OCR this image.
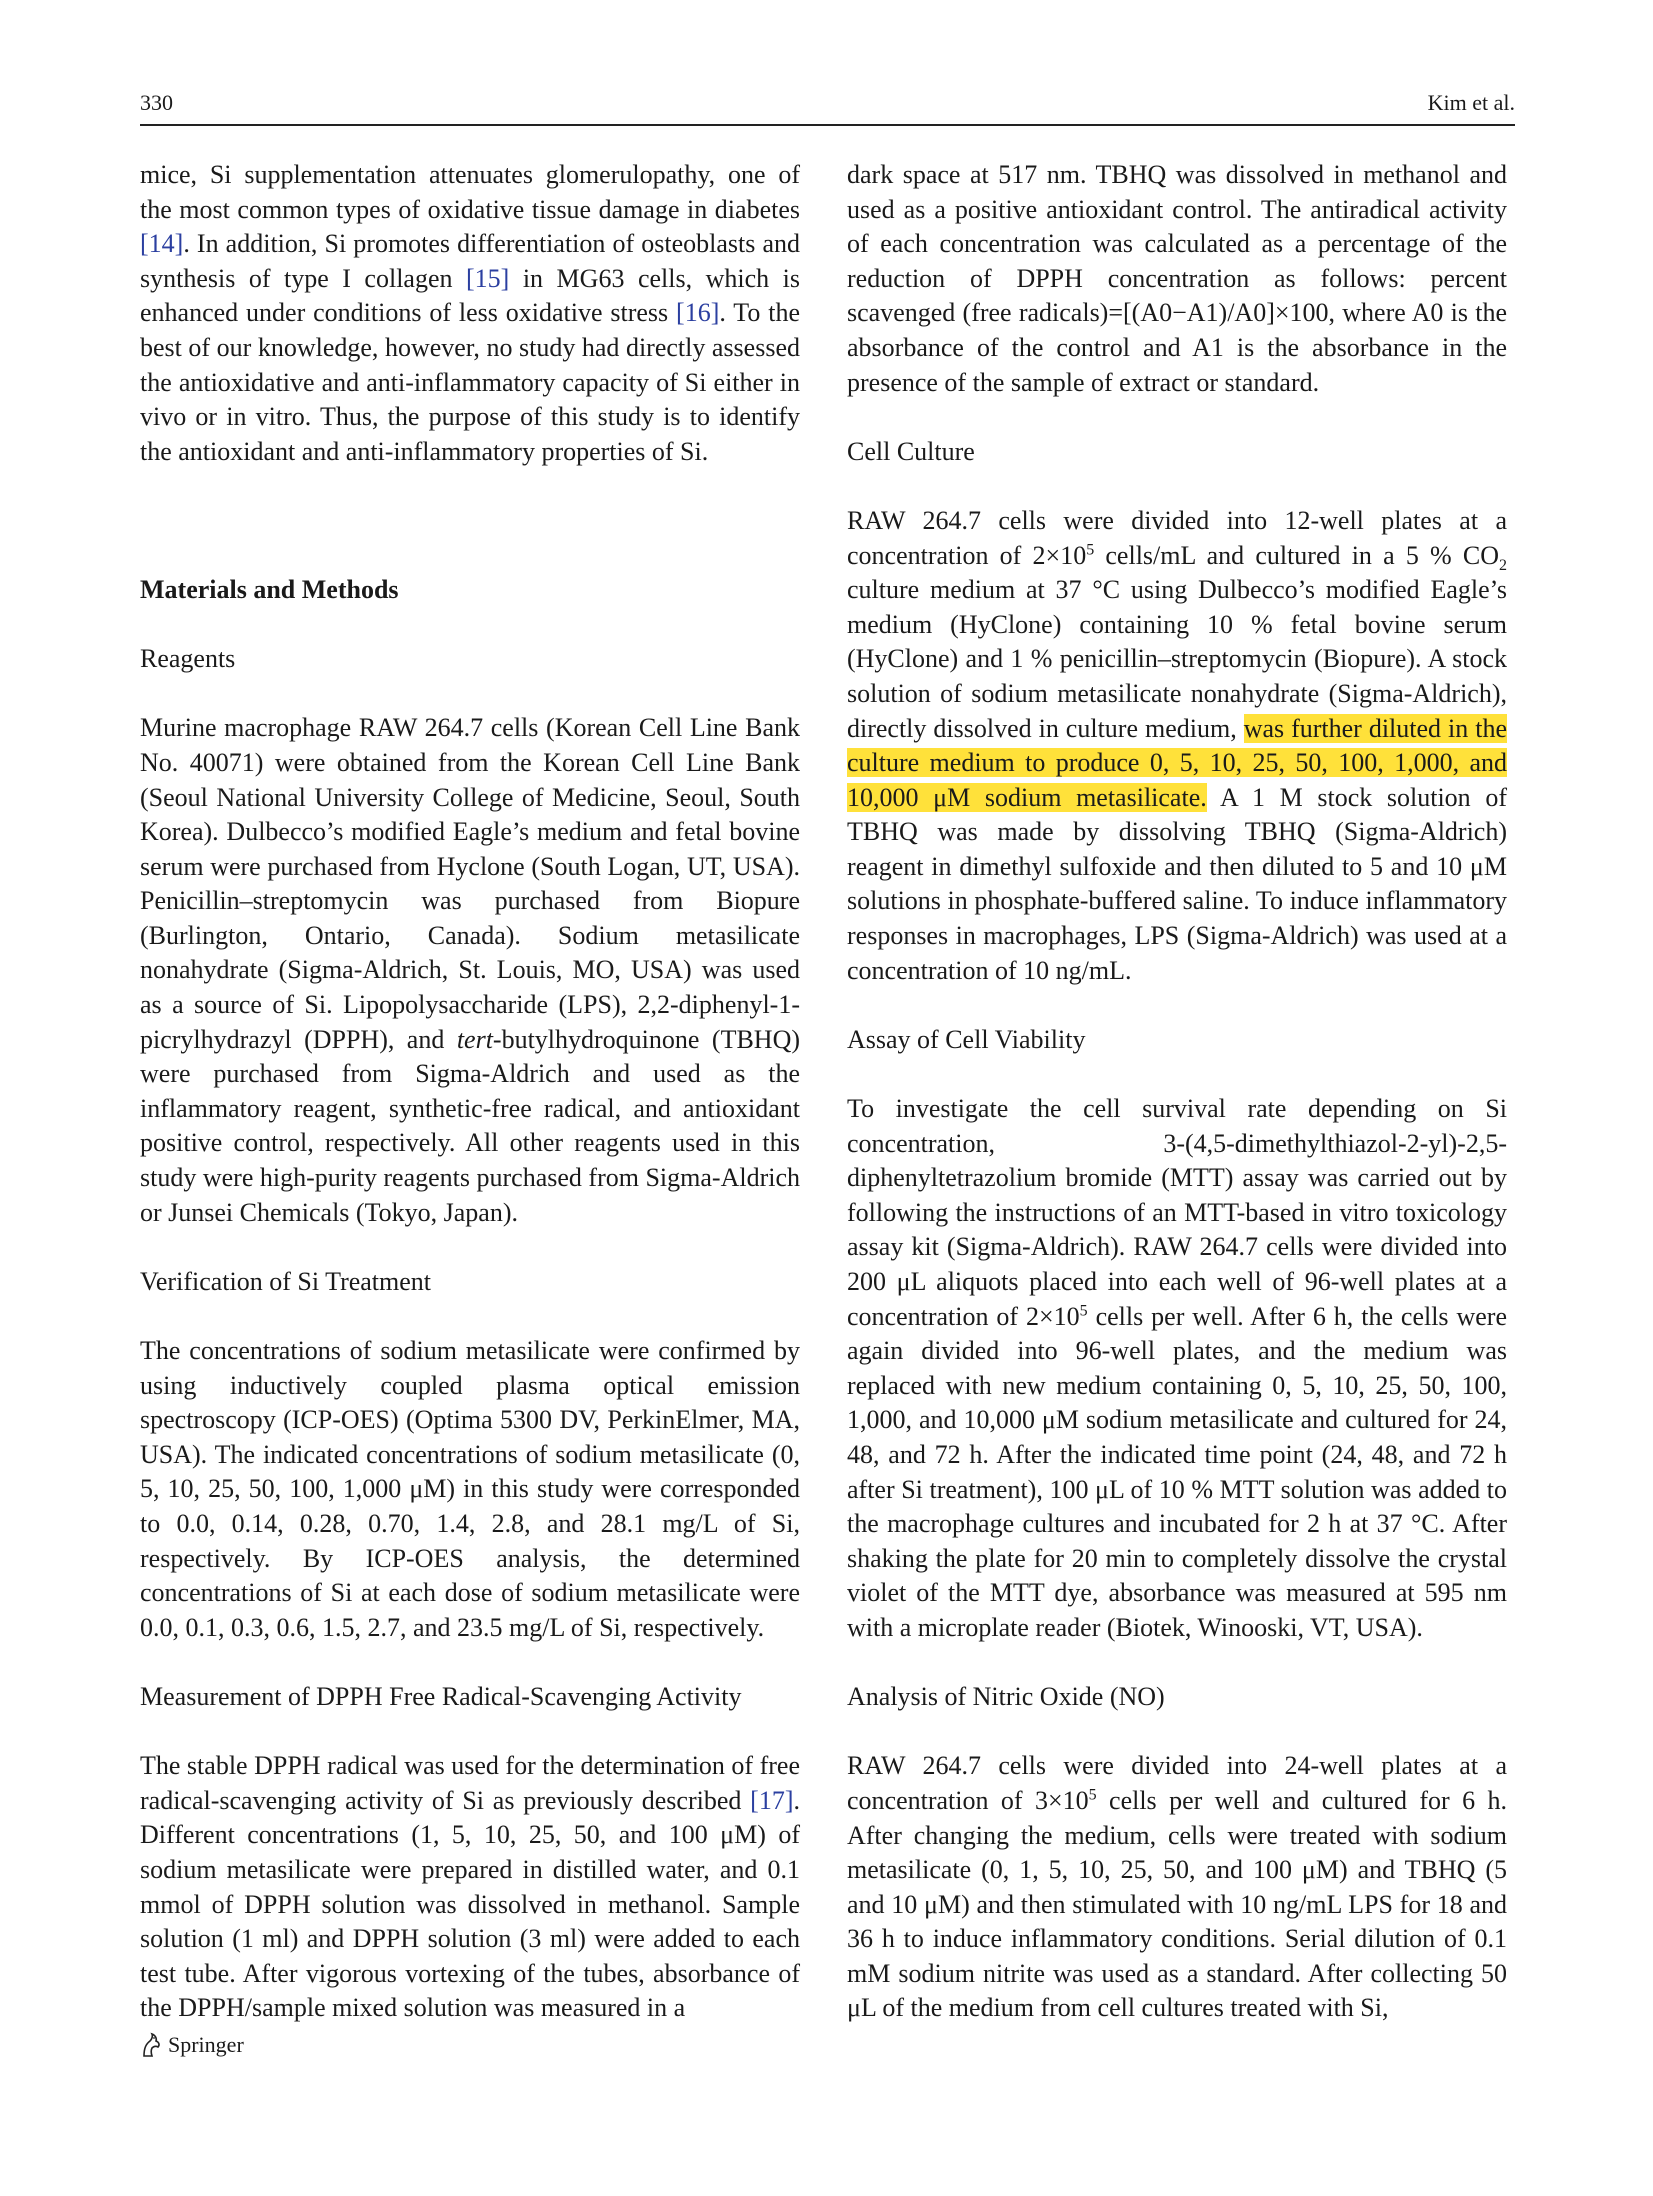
330	Kim et al.

mice, Si supplementation attenuates glomerulopathy, one of the most common types of oxidative tissue damage in diabetes [14]. In addition, Si promotes differentiation of osteoblasts and synthesis of type I collagen [15] in MG63 cells, which is enhanced under conditions of less oxidative stress [16]. To the best of our knowledge, however, no study had directly assessed the antioxidative and anti-inflammatory capacity of Si either in vivo or in vitro. Thus, the purpose of this study is to identify the antioxidant and anti-inflammatory properties of Si.

Materials and Methods
Reagents

Murine macrophage RAW 264.7 cells (Korean Cell Line Bank No. 40071) were obtained from the Korean Cell Line Bank (Seoul National University College of Medicine, Seoul, South Korea). Dulbecco’s modified Eagle’s medium and fetal bovine serum were purchased from Hyclone (South Logan, UT, USA). Penicillin–streptomycin was purchased from Biopure (Burlington, Ontario, Canada). Sodium metasilicate nonahydrate (Sigma-Aldrich, St. Louis, MO, USA) was used as a source of Si. Lipopolysaccharide (LPS), 2,2-diphenyl-1-picrylhydrazyl (DPPH), and tert-butylhydroquinone (TBHQ) were purchased from Sigma-Aldrich and used as the inflammatory reagent, synthetic-free radical, and antioxidant positive control, respectively. All other reagents used in this study were high-purity reagents purchased from Sigma-Aldrich or Junsei Chemicals (Tokyo, Japan).

Verification of Si Treatment

The concentrations of sodium metasilicate were confirmed by using inductively coupled plasma optical emission spectroscopy (ICP-OES) (Optima 5300 DV, PerkinElmer, MA, USA). The indicated concentrations of sodium metasilicate (0, 5, 10, 25, 50, 100, 1,000 μM) in this study were corresponded to 0.0, 0.14, 0.28, 0.70, 1.4, 2.8, and 28.1 mg/L of Si, respectively. By ICP-OES analysis, the determined concentrations of Si at each dose of sodium metasilicate were 0.0, 0.1, 0.3, 0.6, 1.5, 2.7, and 23.5 mg/L of Si, respectively.

Measurement of DPPH Free Radical-Scavenging Activity

The stable DPPH radical was used for the determination of free radical-scavenging activity of Si as previously described [17]. Different concentrations (1, 5, 10, 25, 50, and 100 μM) of sodium metasilicate were prepared in distilled water, and 0.1 mmol of DPPH solution was dissolved in methanol. Sample solution (1 ml) and DPPH solution (3 ml) were added to each test tube. After vigorous vortexing of the tubes, absorbance of the DPPH/sample mixed solution was measured in a

dark space at 517 nm. TBHQ was dissolved in methanol and used as a positive antioxidant control. The antiradical activity of each concentration was calculated as a percentage of the reduction of DPPH concentration as follows: percent scavenged (free radicals)=[(A0−A1)/A0]×100, where A0 is the absorbance of the control and A1 is the absorbance in the presence of the sample of extract or standard.

Cell Culture

RAW 264.7 cells were divided into 12-well plates at a concentration of $2\times 10^5$ cells/mL and cultured in a 5 % $CO_2$ culture medium at 37 °C using Dulbecco’s modified Eagle’s medium (HyClone) containing 10 % fetal bovine serum (HyClone) and 1 % penicillin–streptomycin (Biopure). A stock solution of sodium metasilicate nonahydrate (Sigma-Aldrich), directly dissolved in culture medium, was further diluted in the culture medium to produce 0, 5, 10, 25, 50, 100, 1,000, and 10,000 μM sodium metasilicate. A 1 M stock solution of TBHQ was made by dissolving TBHQ (Sigma-Aldrich) reagent in dimethyl sulfoxide and then diluted to 5 and 10 μM solutions in phosphate-buffered saline. To induce inflammatory responses in macrophages, LPS (Sigma-Aldrich) was used at a concentration of 10 ng/mL.

Assay of Cell Viability

To investigate the cell survival rate depending on Si concentration, 3-(4,5-dimethylthiazol-2-yl)-2,5-diphenyltetrazolium bromide (MTT) assay was carried out by following the instructions of an MTT-based in vitro toxicology assay kit (Sigma-Aldrich). RAW 264.7 cells were divided into 200 μL aliquots placed into each well of 96-well plates at a concentration of $2\times 10^5$ cells per well. After 6 h, the cells were again divided into 96-well plates, and the medium was replaced with new medium containing 0, 5, 10, 25, 50, 100, 1,000, and 10,000 μM sodium metasilicate and cultured for 24, 48, and 72 h. After the indicated time point (24, 48, and 72 h after Si treatment), 100 μL of 10 % MTT solution was added to the macrophage cultures and incubated for 2 h at 37 °C. After shaking the plate for 20 min to completely dissolve the crystal violet of the MTT dye, absorbance was measured at 595 nm with a microplate reader (Biotek, Winooski, VT, USA).

Analysis of Nitric Oxide (NO)

RAW 264.7 cells were divided into 24-well plates at a concentration of $3\times 10^5$ cells per well and cultured for 6 h. After changing the medium, cells were treated with sodium metasilicate (0, 1, 5, 10, 25, 50, and 100 μM) and TBHQ (5 and 10 μM) and then stimulated with 10 ng/mL LPS for 18 and 36 h to induce inflammatory conditions. Serial dilution of 0.1 mM sodium nitrite was used as a standard. After collecting 50 μL of the medium from cell cultures treated with Si,

Springer
